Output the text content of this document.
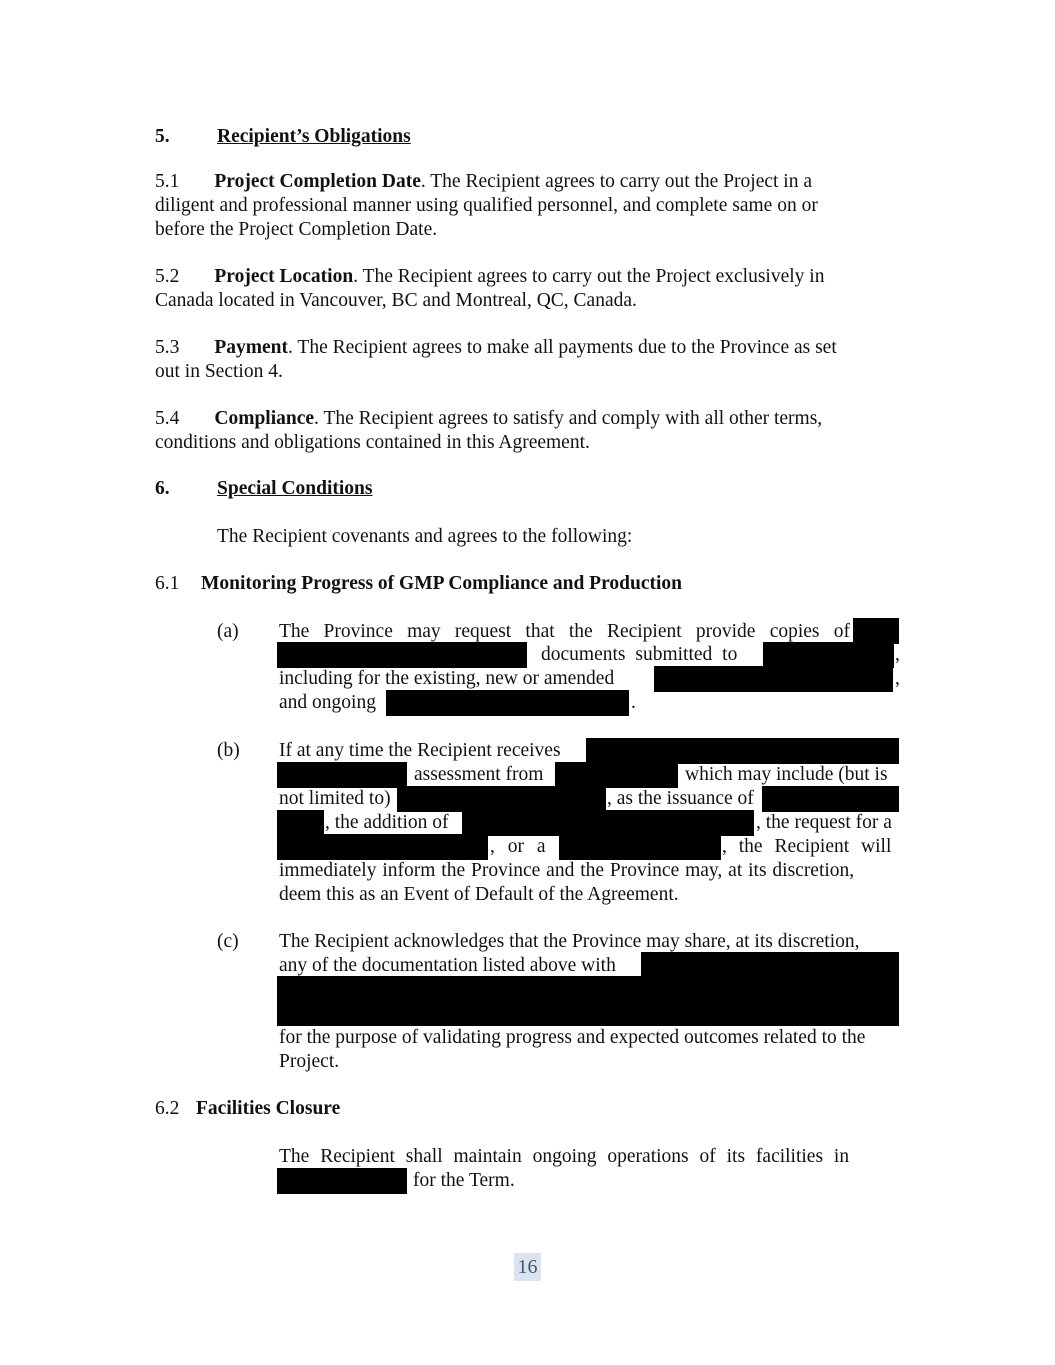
5. Recipient’s Obligations
5.1 Project Completion Date. The Recipient agrees to carry out the Project in a
diligent and professional manner using qualified personnel, and complete same on or
before the Project Completion Date.
5.2 Project Location. The Recipient agrees to carry out the Project exclusively in
Canada located in Vancouver, BC and Montreal, QC, Canada.
5.3 Payment. The Recipient agrees to make all payments due to the Province as set
out in Section 4.
5.4 Compliance. The Recipient agrees to satisfy and comply with all other terms,
conditions and obligations contained in this Agreement.
6. Special Conditions
The Recipient covenants and agrees to the following:
6.1 Monitoring Progress of GMP Compliance and Production
(a) The Province may request that the Recipient provide copies of
documents submitted to	,
including for the existing, new or amended	,
and ongoing	.
(b) If at any time the Recipient receives
assessment from	which may include (but is
not limited to)	, as the issuance of
, the addition of	, the request for a
, or a	, the Recipient will
immediately inform the Province and the Province may, at its discretion,
deem this as an Event of Default of the Agreement.
(c) The Recipient acknowledges that the Province may share, at its discretion,
any of the documentation listed above with
for the purpose of validating progress and expected outcomes related to the
Project.
6.2 Facilities Closure
The Recipient shall maintain ongoing operations of its facilities in
for the Term.
16
